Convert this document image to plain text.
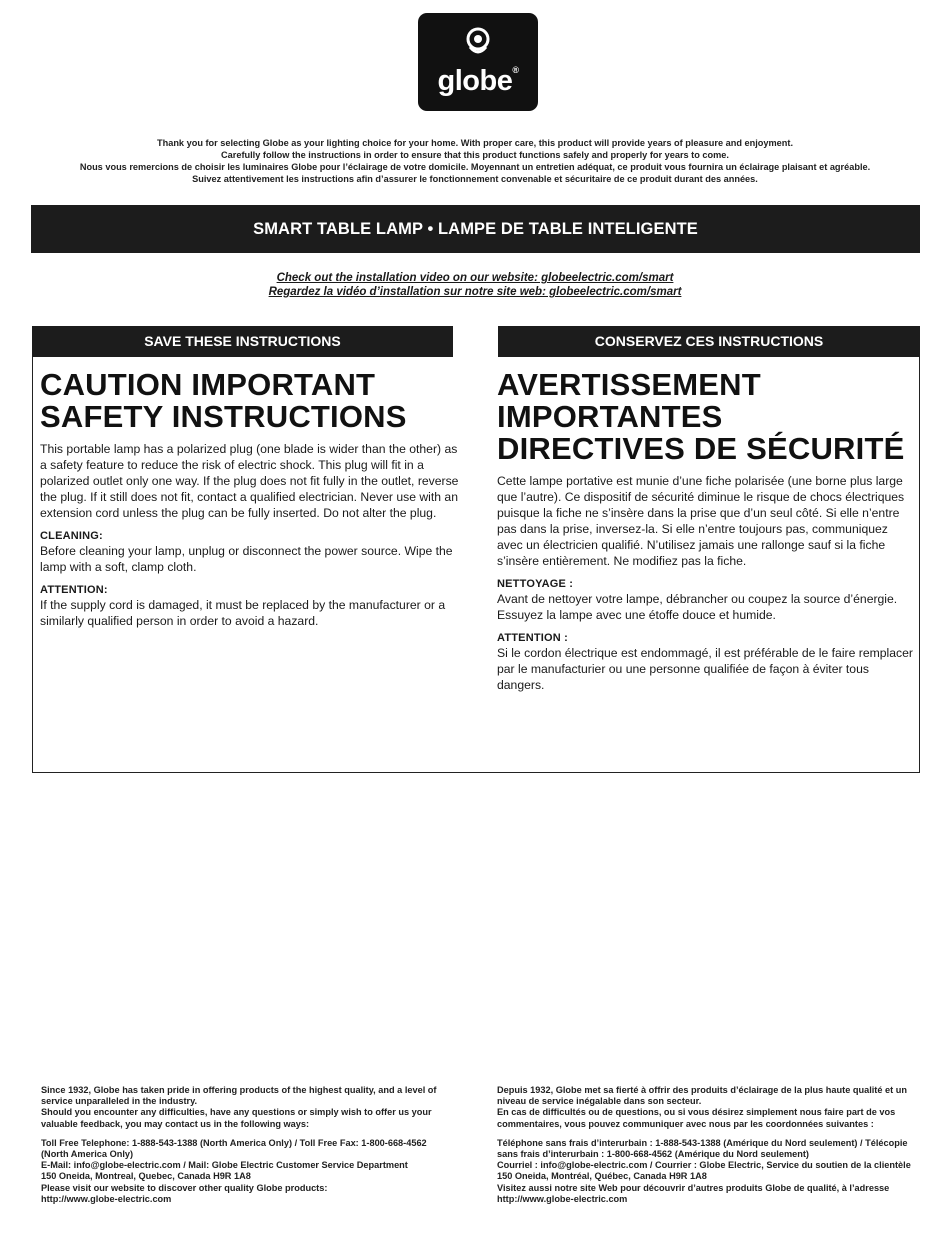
globe®

Thank you for selecting Globe as your lighting choice for your home. With proper care, this product will provide years of pleasure and enjoyment.

Carefully follow the instructions in order to ensure that this product functions safely and properly for years to come.

Nous vous remercions de choisir les luminaires Globe pour l’éclairage de votre domicile. Moyennant un entretien adéquat, ce produit vous fournira un éclairage plaisant et agréable.

Suivez attentivement les instructions afin d’assurer le fonctionnement convenable et sécuritaire de ce produit durant des années.

SMART TABLE LAMP • LAMPE DE TABLE INTELIGENTE
Check out the installation video on our website: globeelectric.com/smart
Regardez la vidéo d’installation sur notre site web: globeelectric.com/smart
SAVE THESE INSTRUCTIONS	CONSERVEZ CES INSTRUCTIONS
CAUTION IMPORTANT
SAFETY INSTRUCTIONS

This portable lamp has a polarized plug (one blade is wider than the other) as a safety feature to reduce the risk of electric shock. This plug will fit in a polarized outlet only one way. If the plug does not fit fully in the outlet, reverse the plug. If it still does not fit, contact a qualified electrician. Never use with an extension cord unless the plug can be fully inserted. Do not alter the plug.

CLEANING:

Before cleaning your lamp, unplug or disconnect the power source. Wipe the lamp with a soft, clamp cloth.

ATTENTION:

If the supply cord is damaged, it must be replaced by the manufacturer or a similarly qualified person in order to avoid a hazard.

AVERTISSEMENT
IMPORTANTES
DIRECTIVES DE SÉCURITÉ

Cette lampe portative est munie d’une fiche polarisée (une borne plus large que l’autre). Ce dispositif de sécurité diminue le risque de chocs électriques puisque la fiche ne s’insère dans la prise que d’un seul côté. Si elle n’entre pas dans la prise, inversez-la. Si elle n’entre toujours pas, communiquez avec un électricien qualifié. N’utilisez jamais une rallonge sauf si la fiche s’insère entièrement. Ne modifiez pas la fiche.

NETTOYAGE :

Avant de nettoyer votre lampe, débrancher ou coupez la source d’énergie. Essuyez la lampe avec une étoffe douce et humide.

ATTENTION :

Si le cordon électrique est endommagé, il est préférable de le faire remplacer par le manufacturier ou une personne qualifiée de façon à éviter tous dangers.

Since 1932, Globe has taken pride in offering products of the highest quality, and a level of service unparalleled in the industry.

Should you encounter any difficulties, have any questions or simply wish to offer us your valuable feedback, you may contact us in the following ways:

Toll Free Telephone: 1-888-543-1388 (North America Only) / Toll Free Fax: 1-800-668-4562 (North America Only)

E-Mail: info@globe-electric.com / Mail: Globe Electric Customer Service Department

150 Oneida, Montreal, Quebec, Canada H9R 1A8

Please visit our website to discover other quality Globe products:

http://www.globe-electric.com

Depuis 1932, Globe met sa fierté à offrir des produits d’éclairage de la plus haute qualité et un niveau de service inégalable dans son secteur.

En cas de difficultés ou de questions, ou si vous désirez simplement nous faire part de vos commentaires, vous pouvez communiquer avec nous par les coordonnées suivantes :

Téléphone sans frais d’interurbain : 1-888-543-1388 (Amérique du Nord seulement) / Télécopie sans frais d’interurbain : 1-800-668-4562 (Amérique du Nord seulement)

Courriel : info@globe-electric.com / Courrier : Globe Electric, Service du soutien de la clientèle

150 Oneida, Montréal, Québec, Canada H9R 1A8

Visitez aussi notre site Web pour découvrir d’autres produits Globe de qualité, à l’adresse

http://www.globe-electric.com
